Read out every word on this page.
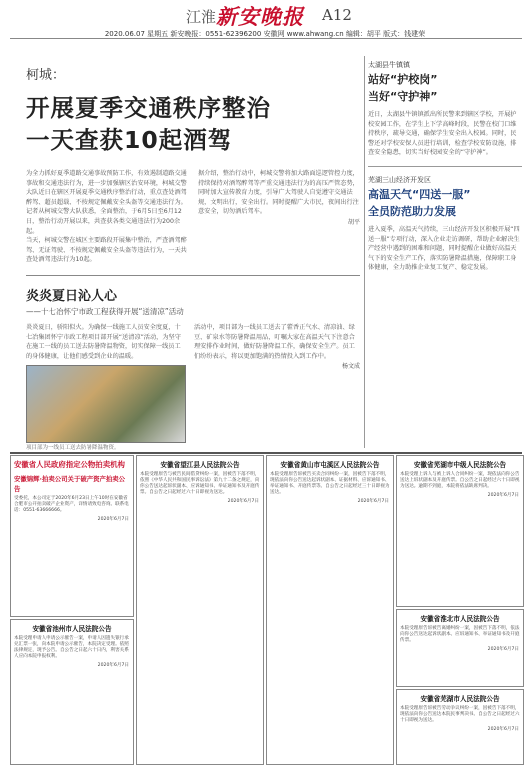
江淮 新安晚报 A12
2020.06.07 星期五 新安晚报：0551-62396200 安徽网 www.ahwang.cn 编辑：胡平 版式：钱建荣
柯城：
开展夏季交通秩序整治
一天查获10起酒驾
为全力抓好夏季道路交通事故预防工作，有效遏制道路交通事故和交通违法行为，进一步加强辖区治安环境，柯城交警大队近日在辖区开展夏季交通秩序整治行动，重点查处酒驾醉驾、超员超载、不按规定佩戴安全头盔等交通违法行为。记者从柯城交警大队获悉，全面整治，于6月5日至6月12日，整治行动开展以来，共查获各类交通违法行为200余起。
当天，柯城交警在城区主要路段开展集中整治，严查酒驾醉驾、无证驾驶、不按规定佩戴安全头盔等违法行为，一天共查处酒驾违法行为10起。
据介绍，整治行动中，柯城交警将加大路面巡逻管控力度，持续保持对酒驾醉驾等严重交通违法行为的高压严管态势，同时加大宣传教育力度，引导广大驾驶人自觉遵守交通法规，文明出行，安全出行。同时提醒广大市民，夜间出行注意安全，切勿酒后驾车。
胡平
炎炎夏日沁人心
——十七冶怀宁市政工程获得开展“送清凉”活动
炎炎夏日，骄阳似火。为确保一线施工人员安全度夏，十七冶集团怀宁市政工程项目部开展“送清凉”活动，为坚守在施工一线的员工送去防暑降温物资，切实保障一线员工的身体健康，让他们感受到企业的温暖。
项目部为一线员工送去防暑降温物资。
活动中，项目部为一线员工送去了藿香正气水、清凉油、绿豆、矿泉水等防暑降温用品，叮嘱大家在高温天气下注意合理安排作业时间，做好防暑降温工作，确保安全生产。员工们纷纷表示，将以更加饱满的热情投入到工作中。
杨文成
太湖县牛镇镇
站好“护校岗”
当好“守护神”
近日，太湖县牛镇镇派出所民警来到辖区学校，开展护校安园工作，在学生上下学高峰时段，民警在校门口维持秩序，疏导交通，确保学生安全出入校园。同时，民警还对学校安保人员进行培训，检查学校安防设施，排查安全隐患，切实当好校园安全的“守护神”。
芜湖三山经济开发区
高温天气“四送一服”
全员防范助力发展
进入夏季，高温天气持续，三山经济开发区积极开展“四送一服”专项行动，深入企业走访调研，帮助企业解决生产经营中遇到的困难和问题，同时提醒企业做好高温天气下的安全生产工作，落实防暑降温措施，保障职工身体健康，全力助推企业复工复产、稳定发展。
安徽省人民政府指定公物拍卖机构
安徽锦辉·拍卖公司关于破产资产拍卖公告
受委托，本公司定于2020年6月23日上午10时在安徽省合肥市公开拍卖破产企业资产，详情请致电咨询。联系电话：0551-63666666。
2020年6月7日
安徽省池州市人民法院公告
本院受理申请人申请公示催告一案，申请人因遗失银行承兑汇票一张，向本院申请公示催告，本院决定受理。依照法律规定，现予公告。自公告之日起六十日内，利害关系人应向本院申报权利。
2020年6月7日
安徽省望江县人民法院公告
本院受理原告与被告民间借贷纠纷一案，因被告下落不明，依照《中华人民共和国民事诉讼法》第九十二条之规定，向你公告送达起诉状副本、应诉通知书、举证通知书及开庭传票。自公告之日起经过六十日即视为送达。
2020年6月7日
安徽省黄山市屯溪区人民法院公告
本院受理原告诉被告买卖合同纠纷一案，因被告下落不明，现依法向你公告送达起诉状副本、证据材料、应诉通知书、举证通知书、开庭传票等。自公告之日起经过三十日即视为送达。
2020年6月7日
安徽省芜湖市中级人民法院公告
本院受理上诉人与被上诉人合同纠纷一案，现依法向你公告送达上诉状副本及开庭传票。自公告之日起经过六十日即视为送达。逾期不到庭，本院将依法缺席判决。
2020年6月7日
安徽省淮北市人民法院公告
本院受理原告诉被告离婚纠纷一案，因被告下落不明，依法向你公告送达起诉状副本、应诉通知书、举证通知书及开庭传票。
2020年6月7日
安徽省芜湖市人民法院公告
本院受理原告诉被告劳动争议纠纷一案，因被告下落不明，现依法向你公告送达本院民事判决书。自公告之日起经过六十日即视为送达。
2020年6月7日
